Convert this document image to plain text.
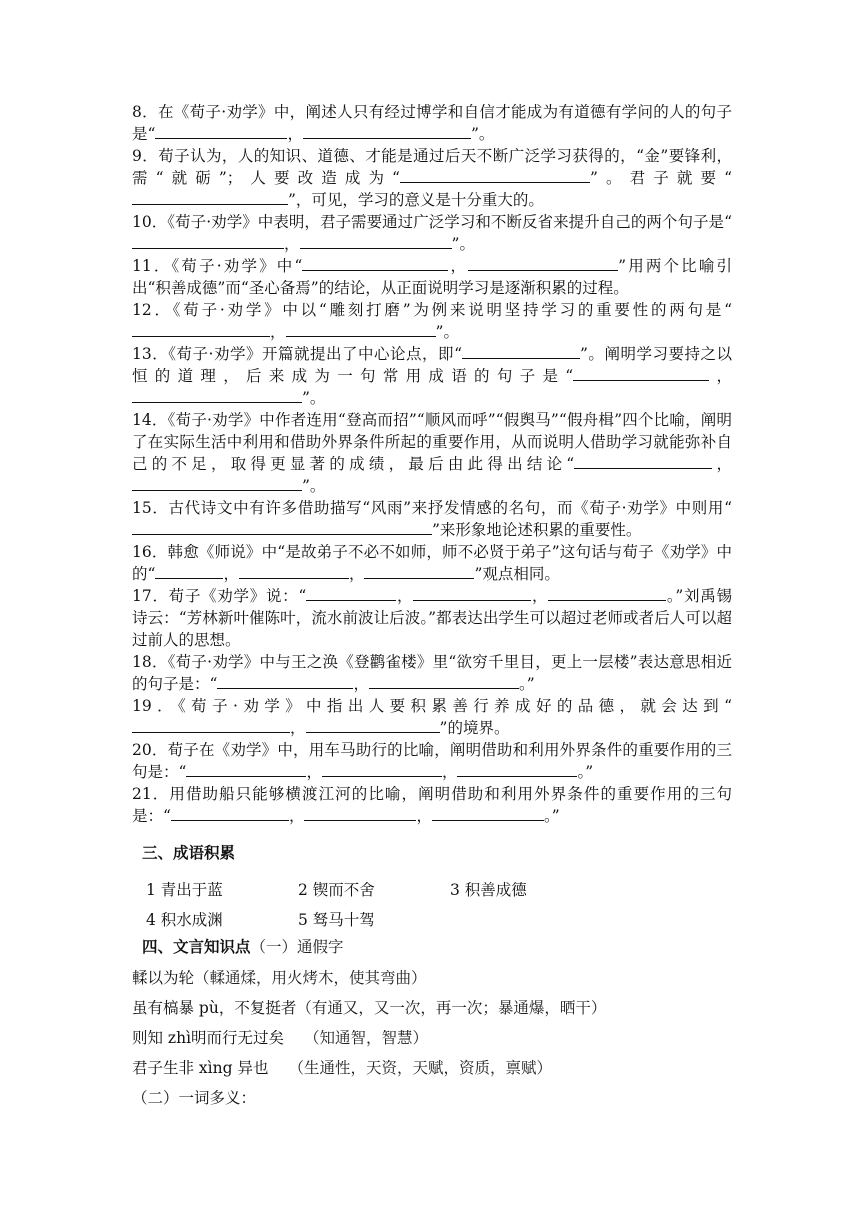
8．在《荀子·劝学》中，阐述人只有经过博学和自信才能成为有道德有学问的人的句子是“	，	”。

9．荀子认为，人的知识、道德、才能是通过后天不断广泛学习获得的，“金”要锋利，需“就砺”；人要改造成为“	”。君子就要“”，可见，学习的意义是十分重大的。

10．《荀子·劝学》中表明，君子需要通过广泛学习和不断反省来提升自己的两个句子是“，	”。

11．《荀子·劝学》中“	，	”用两个比喻引出“积善成德”而“圣心备焉”的结论，从正面说明学习是逐渐积累的过程。

12．《荀子·劝学》中以“雕刻打磨”为例来说明坚持学习的重要性的两句是“，	”。

13．《荀子·劝学》开篇就提出了中心论点，即“	”。阐明学习要持之以恒的道理，后来成为一句常用成语的句子是“	，”。

14．《荀子·劝学》中作者连用“登高而招”“顺风而呼”“假舆马”“假舟楫”四个比喻，阐明了在实际生活中利用和借助外界条件所起的重要作用，从而说明人借助学习就能弥补自己的不足，取得更显著的成绩，最后由此得出结论“	，”。

15．古代诗文中有许多借助描写“风雨”来抒发情感的名句，而《荀子·劝学》中则用“”来形象地论述积累的重要性。

16．韩愈《师说》中“是故弟子不必不如师，师不必贤于弟子”这句话与荀子《劝学》中的“	，	，	”观点相同。

17．荀子《劝学》说：“	，	，	。”刘禹锡诗云：“芳林新叶催陈叶，流水前波让后波。”都表达出学生可以超过老师或者后人可以超过前人的思想。

18．《荀子·劝学》中与王之涣《登鹳雀楼》里“欲穷千里目，更上一层楼”表达意思相近的句子是：“	，	。”

19．《荀子·劝学》中指出人要积累善行养成好的品德，就会达到“，	”的境界。

20．荀子在《劝学》中，用车马助行的比喻，阐明借助和利用外界条件的重要作用的三句是：“	，	，	。”

21．用借助船只能够横渡江河的比喻，阐明借助和利用外界条件的重要作用的三句是：“	，	，	。”

三、成语积累
1 青出于蓝	2 锲而不舍	3 积善成德
4 积水成渊	5 驽马十驾
四、文言知识点（一）通假字

輮以为轮（輮通煣，用火烤木，使其弯曲）

虽有槁暴 pù，不复挺者（有通又，又一次，再一次；暴通爆，晒干）

则知 zhì明而行无过矣 （知通智，智慧）

君子生非 xìng 异也 （生通性，天资，天赋，资质，禀赋）

（二）一词多义：
